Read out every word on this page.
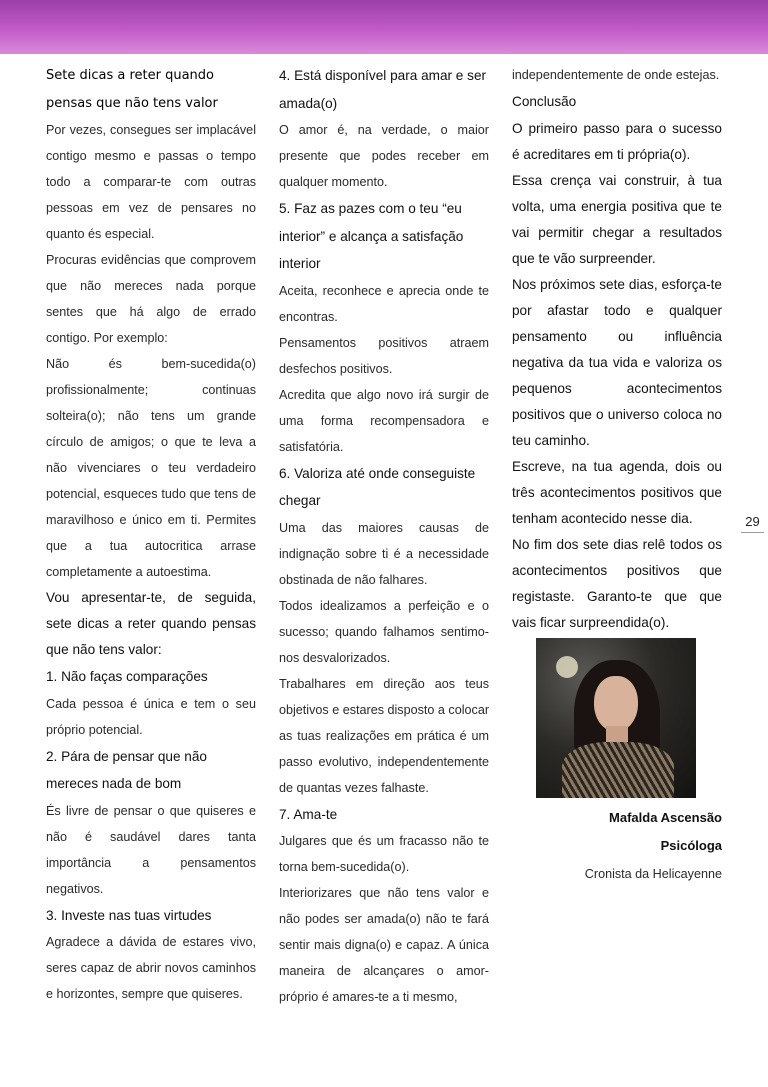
Sete dicas a reter quando pensas que não tens valor

Por vezes, consegues ser implacável contigo mesmo e passas o tempo todo a comparar-te com outras pessoas em vez de pensares no quanto és especial.

Procuras evidências que comprovem que não mereces nada porque sentes que há algo de errado contigo. Por exemplo:

Não és bem-sucedida(o) profissionalmente; continuas solteira(o); não tens um grande círculo de amigos; o que te leva a não vivenciares o teu verdadeiro potencial, esqueces tudo que tens de maravilhoso e único em ti. Permites que a tua autocritica arrase completamente a autoestima.

Vou apresentar-te, de seguida, sete dicas a reter quando pensas que não tens valor:

1. Não faças comparações

Cada pessoa é única e tem o seu próprio potencial.

2. Pára de pensar que não mereces nada de bom

És livre de pensar o que quiseres e não é saudável dares tanta importância a pensamentos negativos.

3. Investe nas tuas virtudes

Agradece a dávida de estares vivo, seres capaz de abrir novos caminhos e horizontes, sempre que quiseres.

4. Está disponível para amar e ser amada(o)

O amor é, na verdade, o maior presente que podes receber em qualquer momento.

5. Faz as pazes com o teu “eu interior” e alcança a satisfação interior

Aceita, reconhece e aprecia onde te encontras.

Pensamentos positivos atraem desfechos positivos.

Acredita que algo novo irá surgir de uma forma recompensadora e satisfatória.

6. Valoriza até onde conseguiste chegar

Uma das maiores causas de indignação sobre ti é a necessidade obstinada de não falhares.

Todos idealizamos a perfeição e o sucesso; quando falhamos sentimo-nos desvalorizados.

Trabalhares em direção aos teus objetivos e estares disposto a colocar as tuas realizações em prática é um passo evolutivo, independentemente de quantas vezes falhaste.

7. Ama-te

Julgares que és um fracasso não te torna bem-sucedida(o).

Interiorizares que não tens valor e não podes ser amada(o) não te fará sentir mais digna(o) e capaz. A única maneira de alcançares o amor-próprio é amares-te a ti mesmo,

independentemente de onde estejas.

Conclusão

O primeiro passo para o sucesso é acreditares em ti própria(o).

Essa crença vai construir, à tua volta, uma energia positiva que te vai permitir chegar a resultados que te vão surpreender.

Nos próximos sete dias, esforça-te por afastar todo e qualquer pensamento ou influência negativa da tua vida e valoriza os pequenos acontecimentos positivos que o universo coloca no teu caminho.

Escreve, na tua agenda, dois ou três acontecimentos positivos que tenham acontecido nesse dia.

No fim dos sete dias relê todos os acontecimentos positivos que registaste. Garanto-te que que vais ficar surpreendida(o).

Mafalda Ascensão

Psicóloga

Cronista da Helicayenne

29
